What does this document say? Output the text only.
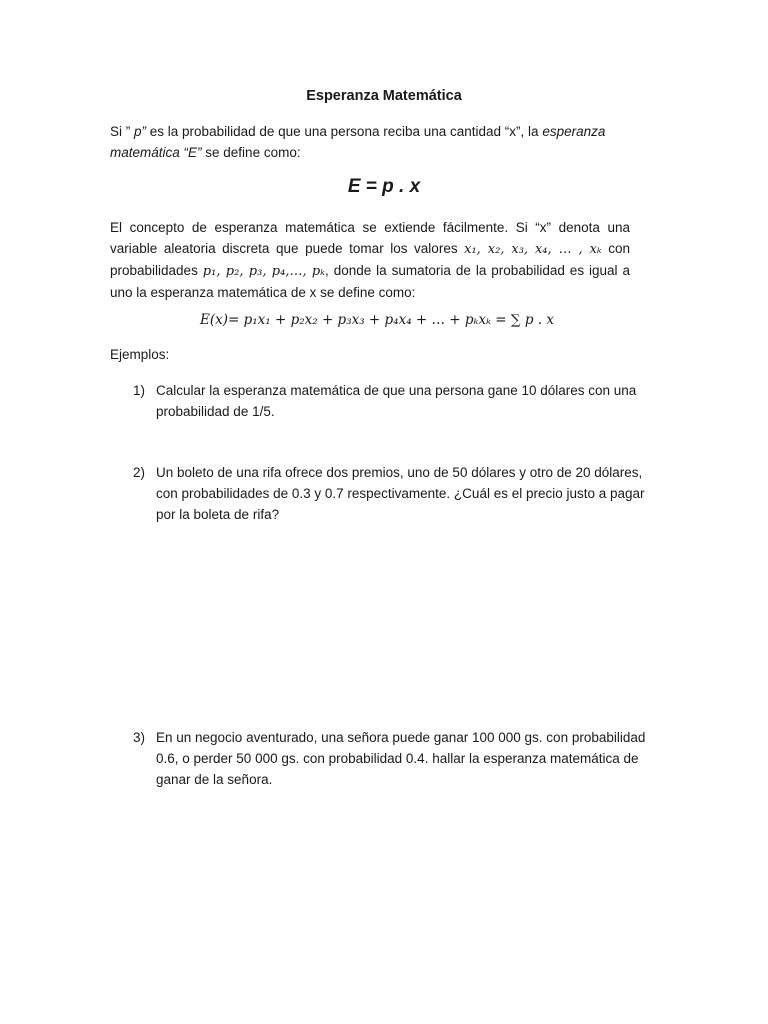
Esperanza Matemática
Si ” p” es la probabilidad de que una persona reciba una cantidad “x”, la esperanza matemática “E” se define como:
E = p . x
El concepto de esperanza matemática se extiende fácilmente. Si “x” denota una variable aleatoria discreta que puede tomar los valores x₁, x₂, x₃, x₄, … , xₖ con probabilidades p₁, p₂, p₃, p₄,…, pₖ, donde la sumatoria de la probabilidad es igual a uno la esperanza matemática de x se define como:
E(x)= p₁x₁ + p₂x₂ + p₃x₃ + p₄x₄ + … + pₖxₖ = ∑ p . x
Ejemplos:
1) Calcular la esperanza matemática de que una persona gane 10 dólares con una probabilidad de 1/5.
2) Un boleto de una rifa ofrece dos premios, uno de 50 dólares y otro de 20 dólares, con probabilidades de 0.3 y 0.7 respectivamente. ¿Cuál es el precio justo a pagar por la boleta de rifa?
3) En un negocio aventurado, una señora puede ganar 100 000 gs. con probabilidad 0.6, o perder 50 000 gs. con probabilidad 0.4. hallar la esperanza matemática de ganar de la señora.
